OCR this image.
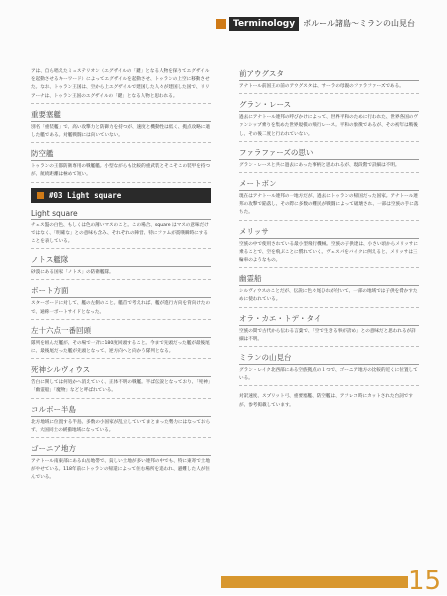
Terminology	ボルール諸島～ミランの山見台
アは、自ら唱えたミュステリオン（エグザイルの「鍵」となる人物を探りてエグザイルを起動させるキーワード）によってエグザイルを起動させ、トゥランの上空に移動させた。なお、トゥラン王国は、空から上エグザイルで建国した人々が建国した国で、リリアーナは、トゥラン王国のエグザイルの「鍵」となる人物と思われる。
重要塞艦
別名「重装艦」で、高い攻撃力と防御力を持つが、速度と機動性は低く、拠点攻略に適した艦である。対艦戦闘には向いていない。
防空艦
トゥランの王都防衛専用の戦艦艦。小型ながらも比較的重武装とそこそこの装甲を持つが、航続距離は極めて短い。
#03 Light square
Light square
チェス盤の白色、もしくは色の薄いマスのこと。この場合、square はマスの意味だけではなく、「明確な」との意味も含み、それぞれの陣営、特にファムが賞嘆瞬時にすることを表している。
ノトス艦隊
砂漠にある国家「ノトス」の防衛艦隊。
ボート方面
スターボードに対して、艦の左側のこと。艦首で考えれば、艦が進行方向を背向けたので、通称一ボートサイドとなった。
左十六点一番回頭
隊列を組んだ艦が、その場で一斉に180度回頭すること。今まで先頭だった艦が最後尾に、最後尾だった艦が先頭となって、逆方向へと向かう隊列となる。
死神シルヴィウス
告白に関しては何処かへ消えていく、正体不明の戦艦。半ば伝説となっており、「死神」「幽霊船」「魔物」などと呼ばれている。
コルボー半島
北方地域に位置する半島。多数の小国家が乱立していてまとまった勢力にはなっておらず、大国同士の緩衝地域になっている。
ゴーニア地方
アナトール南東部にある山岳地帯で、貧しい土地が多い連邦の中でも、特に東寄で土地がやせている。118年前にトゥランの帰還によって住む場所を追われ、避難した人が住んでいる。
前アウグスタ
アナトール前国王の前のアウグスタは、サーラの母親のファラファーズである。
グラン・レース
過去にアナトール連邦の呼びかけによって、世界平和のために行われた、世界各国のヴァンシップ乗りを集めた世界規模の飛行レース。平和の象徴であるが、その初年は戦後し、その後二度と行われていない。
ファラファーズの思い
グラン・レースと共に過去にあった事柄と思われるが、現段階で詳細は不明。
メートボン
現在はアナトール連邦の一地方だが、過去にトゥランの帰国だった国家。アナトール連邦の攻撃で陥落し、その際に多数の難民が戦闘によって破壊され、一部は空族の手に落ちた。
メリッサ
空族の中で使用されている最小型飛行機械。空族の子供達は、小さい頃からメリッサに乗ることで、空を飛ぶことに慣れていく。ヴェスパをバイクに例えると、メリッサは三輪車のようなもの。
幽霊船
シルヴィウスのことだが、伝説に色々尾ひれが付いて、一部の地域では子供を脅かすために使われている。
オラ・カエ・トデ・タイ
空族の間で古代から伝わる言葉で、「空で生きる事が誇め」との意味だと思われるが詳細は不明。
ミランの山見台
グラン・レイク北西部にある空族拠点の１つで、ゴーニア地方の比較的近くに位置している。
対訳速度、スプリット弓、重要塞艦、防空艦は、アフレコ時にカットされた台詞ですが、参考掲載しています。
15
